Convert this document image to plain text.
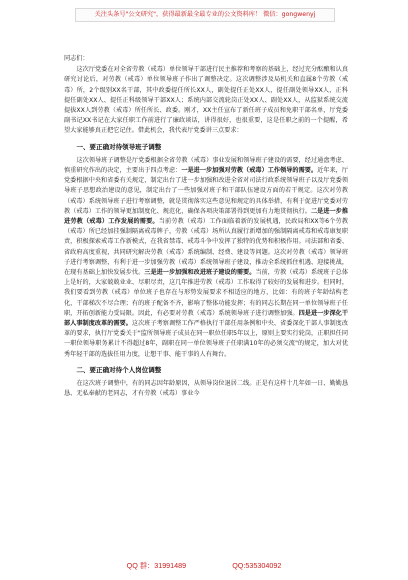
关注头条号"公文研究"，获得最新最全最专业的公文资料库！ 微信：gongwenyj

同志们：

这次厅党委在对全省劳教（戒毒）单位领导干部进行民主推荐和考察的基础上，经过充分酝酿和认真研究讨论后，对劳教（戒毒）单位领导班子作出了调整决定。这次调整涉及局机关和直属8个劳教（戒毒）所，2个级别XX名干部，其中政委提任所长XX人，副处提任正处XX人，提任副处领导XX人，正科提任副处XX人、提任正科级领导干部XX人；系统内部交流轮岗正处XX人、副处XX人，从监狱系统交流提拔XX人到劳教（戒毒）所任所长、政委。刚才，XX主任宣布了新任班子成员和免职干部名单，厅党委副书记XX书记在大家任职工作前进行了廉政谈话，讲得很好，也很重要，这是任职之前的一个提醒，希望大家能够真正把它记住。借此机会，我代表厅党委讲三点要求：

一、要正确对待领导班子调整

这次领导班子调整是厅党委根据全省劳教（戒毒）事业发展和领导班子建设的需要，经过通盘考虑、慎重研究作出的决定，主要出于四点考虑：一是进一步加强对劳教（戒毒）工作领导的需要。近年来，厅党委根据中央和省委有关规定，制定出台了进一步加强和改进全省对司法行政系统领导班子以及厅党委领导班子思想政治建设的意见，制定出台了一些加强对班子和干部队伍建设方面的若干规定。这次对劳教（戒毒）系统领导班子进行考察调整，就是贯彻落实这些意见和规定的具体举措，有利于促进厅党委对劳教（戒毒）工作的领导更加制度化、规范化，确保各项决策部署得到更加有力地贯彻执行。二是进一步推进劳教（戒毒）工作发展的需要。当前劳教（戒毒）工作面临着新的发展机遇，民政局和XX等6个劳教（戒毒）所已经加挂强制隔离戒毒牌子，劳教（戒毒）场所认真履行新增加的强制隔离戒毒和戒毒康复职责，积极探索戒毒工作新模式，在我省禁毒、戒毒斗争中发挥了独特的优势和积极作用。司法部和省委、省政府高度重视，共同研究解决劳教（戒毒）系统编制、经费、建设等问题。这次对劳教（戒毒）领导班子进行考察调整，有利于进一步加强劳教（戒毒）系统领导班子建设，推动全系统抓住机遇、迎接挑战，在现有基础上加快发展步伐。三是进一步加强和改进班子建设的需要。当前，劳教（戒毒）系统班子总体上是好的，大家兢兢业业、尽职尽责，这几年推进劳教（戒毒）工作取得了较好的发展和进步。但同时，我们要看到劳教（戒毒）单位班子也存在与形势发展要求不相适应的地方，比如：有的班子年龄结构老化，干部梯次不尽合理；有的班子配备不齐，影响了整体功能发挥；有的同志长期在同一单位领导班子任职，开拓创新能力受局限。因此，有必要对劳教（戒毒）系统领导班子进行调整加强。四是进一步深化干部人事制度改革的需要。这次班子考察调整工作严格执行干部任用条例和中央、省委深化干部人事制度改革的要求，执行厅党委关于"监所领导班子成员在同一职位任职5年以上，原则上要实行轮岗，正职担任同一职位领导职务累计不得超过8年，副职在同一单位领导班子任职满10年的必须交流"的规定，加大对优秀年轻干部的选拔任用力度，让想干事、能干事的人有舞台。

二、要正确对待个人岗位调整

在这次班子调整中，有的同志因年龄原因，从领导岗位退居二线。正是有这样十几年如一日、勤勤恳恳、无私奉献的老同志，才有劳教（戒毒）事业今

QQ 群：31991489	QQ:535304092
